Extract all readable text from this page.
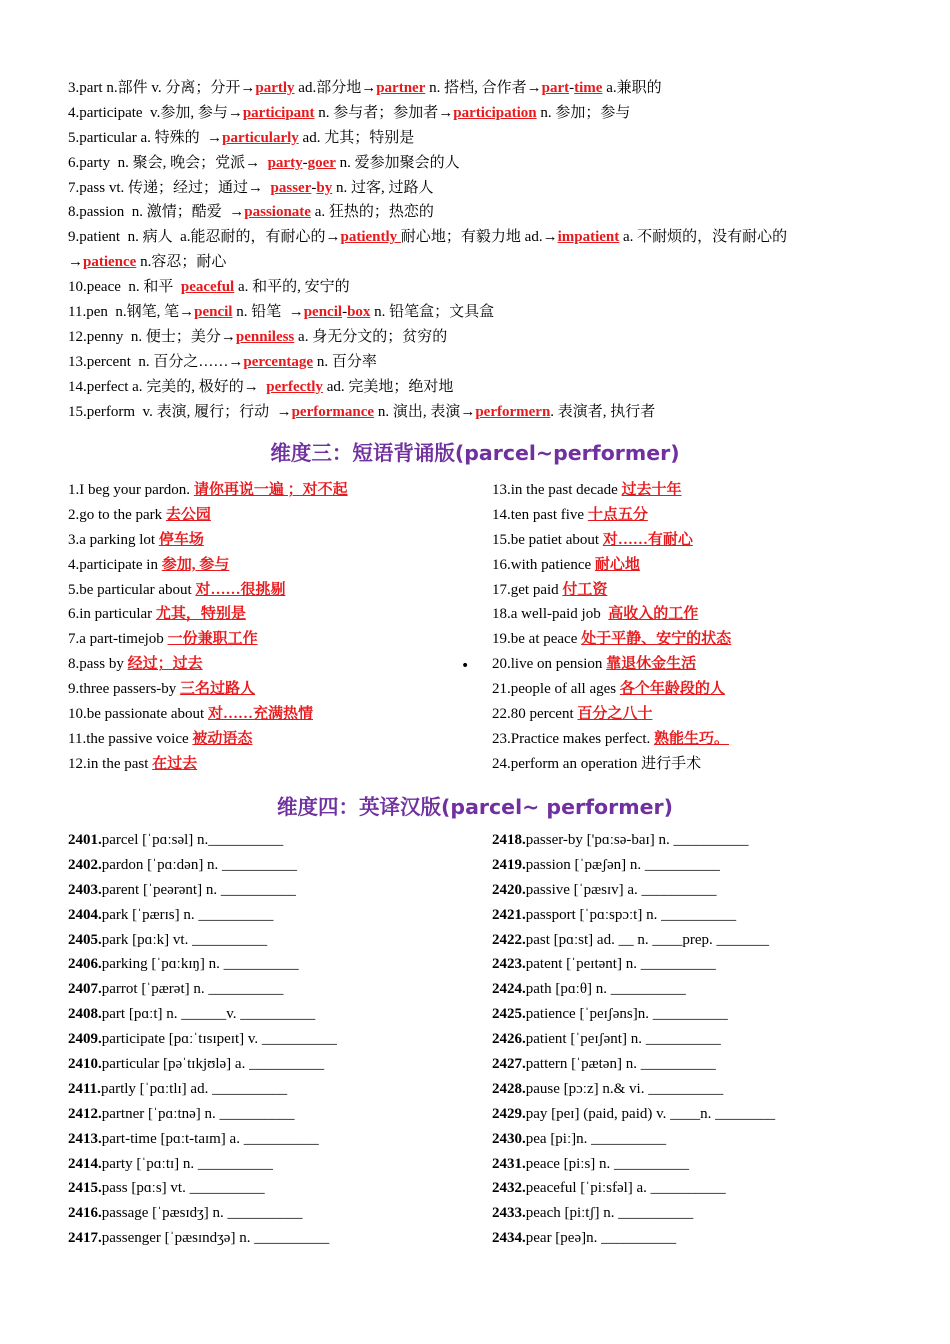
3.part n.部件 v. 分离；分开→partly ad.部分地→partner n. 搭档, 合作者→part-time a.兼职的
4.participate  v.参加, 参与→participant n. 参与者；参加者→participation n. 参加；参与
5.particular a. 特殊的  →particularly ad. 尤其；特别是
6.party  n. 聚会, 晚会；党派→  party-goer n. 爱参加聚会的人
7.pass vt. 传递；经过；通过→  passer-by n. 过客, 过路人
8.passion  n. 激情；酷爱  →passionate a. 狂热的；热恋的
9.patient  n. 病人  a.能忍耐的，有耐心的→patiently 耐心地；有毅力地 ad.→impatient a. 不耐烦的，没有耐心的
→patience n.容忍；耐心
10.peace  n. 和平  peaceful a. 和平的, 安宁的
11.pen  n.钢笔, 笔→pencil n. 铅笔  →pencil-box n. 铅笔盒；文具盒
12.penny  n. 便士；美分→penniless a. 身无分文的；贫穷的
13.percent  n. 百分之……→percentage n. 百分率
14.perfect a. 完美的, 极好的→  perfectly ad. 完美地；绝对地
15.perform  v. 表演, 履行；行动  →performance n. 演出, 表演→performern. 表演者, 执行者
维度三：短语背诵版(parcel~performer)
1.I beg your pardon. 请你再说一遍 ；对不起
2.go to the park 去公园
3.a parking lot 停车场
4.participate in 参加, 参与
5.be particular about 对……很挑剔
6.in particular 尤其，特别是
7.a part-timejob 一份兼职工作
8.pass by 经过；过去
9.three passers-by 三名过路人
10.be passionate about 对……充满热情
11.the passive voice 被动语态
12.in the past 在过去
13.in the past decade 过去十年
14.ten past five 十点五分
15.be patiet about 对……有耐心
16.with patience 耐心地
17.get paid 付工资
18.a well-paid job  高收入的工作
19.be at peace 处于平静、安宁的状态
20.live on pension 靠退休金生活
21.people of all ages 各个年龄段的人
22.80 percent 百分之八十
23.Practice makes perfect. 熟能生巧。
24.perform an operation 进行手术
•
维度四：英译汉版(parcel~ performer)
2401.parcel [ˈpɑːsəl] n.__________
2402.pardon [ˈpɑːdən] n. __________
2403.parent [ˈpeərənt] n. __________
2404.park [ˈpærɪs] n. __________
2405.park [pɑːk] vt. __________
2406.parking [ˈpɑːkɪŋ] n. __________
2407.parrot [ˈpærət] n. __________
2408.part [pɑːt] n. ______v. __________
2409.participate [pɑːˈtɪsɪpeɪt] v. __________
2410.particular [pəˈtɪkjʊlə] a. __________
2411.partly [ˈpɑːtlɪ] ad. __________
2412.partner [ˈpɑːtnə] n. __________
2413.part-time [pɑːt-taɪm] a. __________
2414.party [ˈpɑːtɪ] n. __________
2415.pass [pɑːs] vt. __________
2416.passage [ˈpæsɪdʒ] n. __________
2417.passenger [ˈpæsɪndʒə] n. __________
2418.passer-by ['pɑːsə-baɪ] n. __________
2419.passion [ˈpæʃən] n. __________
2420.passive [ˈpæsɪv] a. __________
2421.passport [ˈpɑːspɔːt] n. __________
2422.past [pɑːst] ad. __ n. ____prep. _______
2423.patent [ˈpeɪtənt] n. __________
2424.path [pɑːθ] n. __________
2425.patience [ˈpeɪʃəns]n. __________
2426.patient [ˈpeɪʃənt] n. __________
2427.pattern [ˈpætən] n. __________
2428.pause [pɔːz] n.& vi. __________
2429.pay [peɪ] (paid, paid) v. ____n. ________
2430.pea [piː]n. __________
2431.peace [piːs] n. __________
2432.peaceful [ˈpiːsfəl] a. __________
2433.peach [piːtʃ] n. __________
2434.pear [peə]n. __________
